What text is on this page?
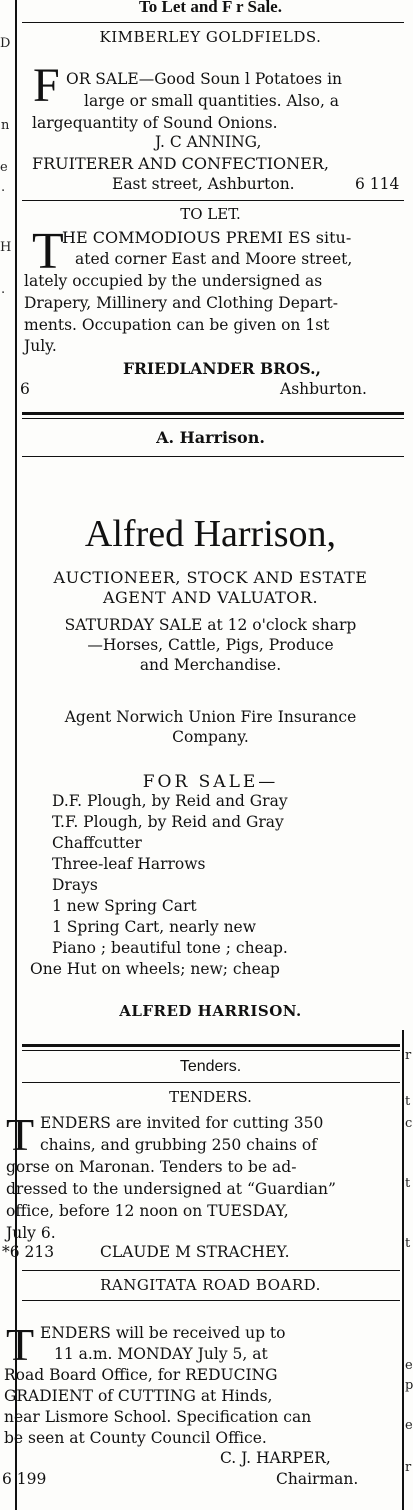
D
n
e
.
H
.
r
t
c
t
t
e
p
e
r
To Let and F r Sale.
KIMBERLEY GOLDFIELDS.
F OR SALE—Good Soun l Potatoes in
large or small quantities. Also, a
largequantity of Sound Onions.
J. C ANNING,
FRUITERER AND CONFECTIONER,
East street, Ashburton.	6 114
TO LET.
T
HE COMMODIOUS PREMI ES situ-
ated corner East and Moore street,
lately occupied by the undersigned as
Drapery, Millinery and Clothing Depart-
ments. Occupation can be given on 1st
July.
FRIEDLANDER BROS.,
6	Ashburton.
A. Harrison.
Alfred Harrison,
AUCTIONEER, STOCK AND ESTATE
AGENT AND VALUATOR.
SATURDAY SALE at 12 o'clock sharp
—Horses, Cattle, Pigs, Produce
and Merchandise.
Agent Norwich Union Fire Insurance
Company.
FOR SALE—
D.F. Plough, by Reid and Gray
T.F. Plough, by Reid and Gray
Chaffcutter
Three-leaf Harrows
Drays
1 new Spring Cart
1 Spring Cart, nearly new
Piano ; beautiful tone ; cheap.
One Hut on wheels; new; cheap
ALFRED HARRISON.
Tenders.
TENDERS.
T ENDERS are invited for cutting 350
chains, and grubbing 250 chains of
gorse on Maronan. Tenders to be ad-
dressed to the undersigned at “Guardian”
office, before 12 noon on TUESDAY,
July 6.
*6 213	CLAUDE M STRACHEY.
RANGITATA ROAD BOARD.
T ENDERS will be received up to
11 a.m. MONDAY July 5, at
Road Board Office, for REDUCING
GRADIENT of CUTTING at Hinds,
near Lismore School. Specification can
be seen at County Council Office.
C. J. HARPER,
6 199	Chairman.
